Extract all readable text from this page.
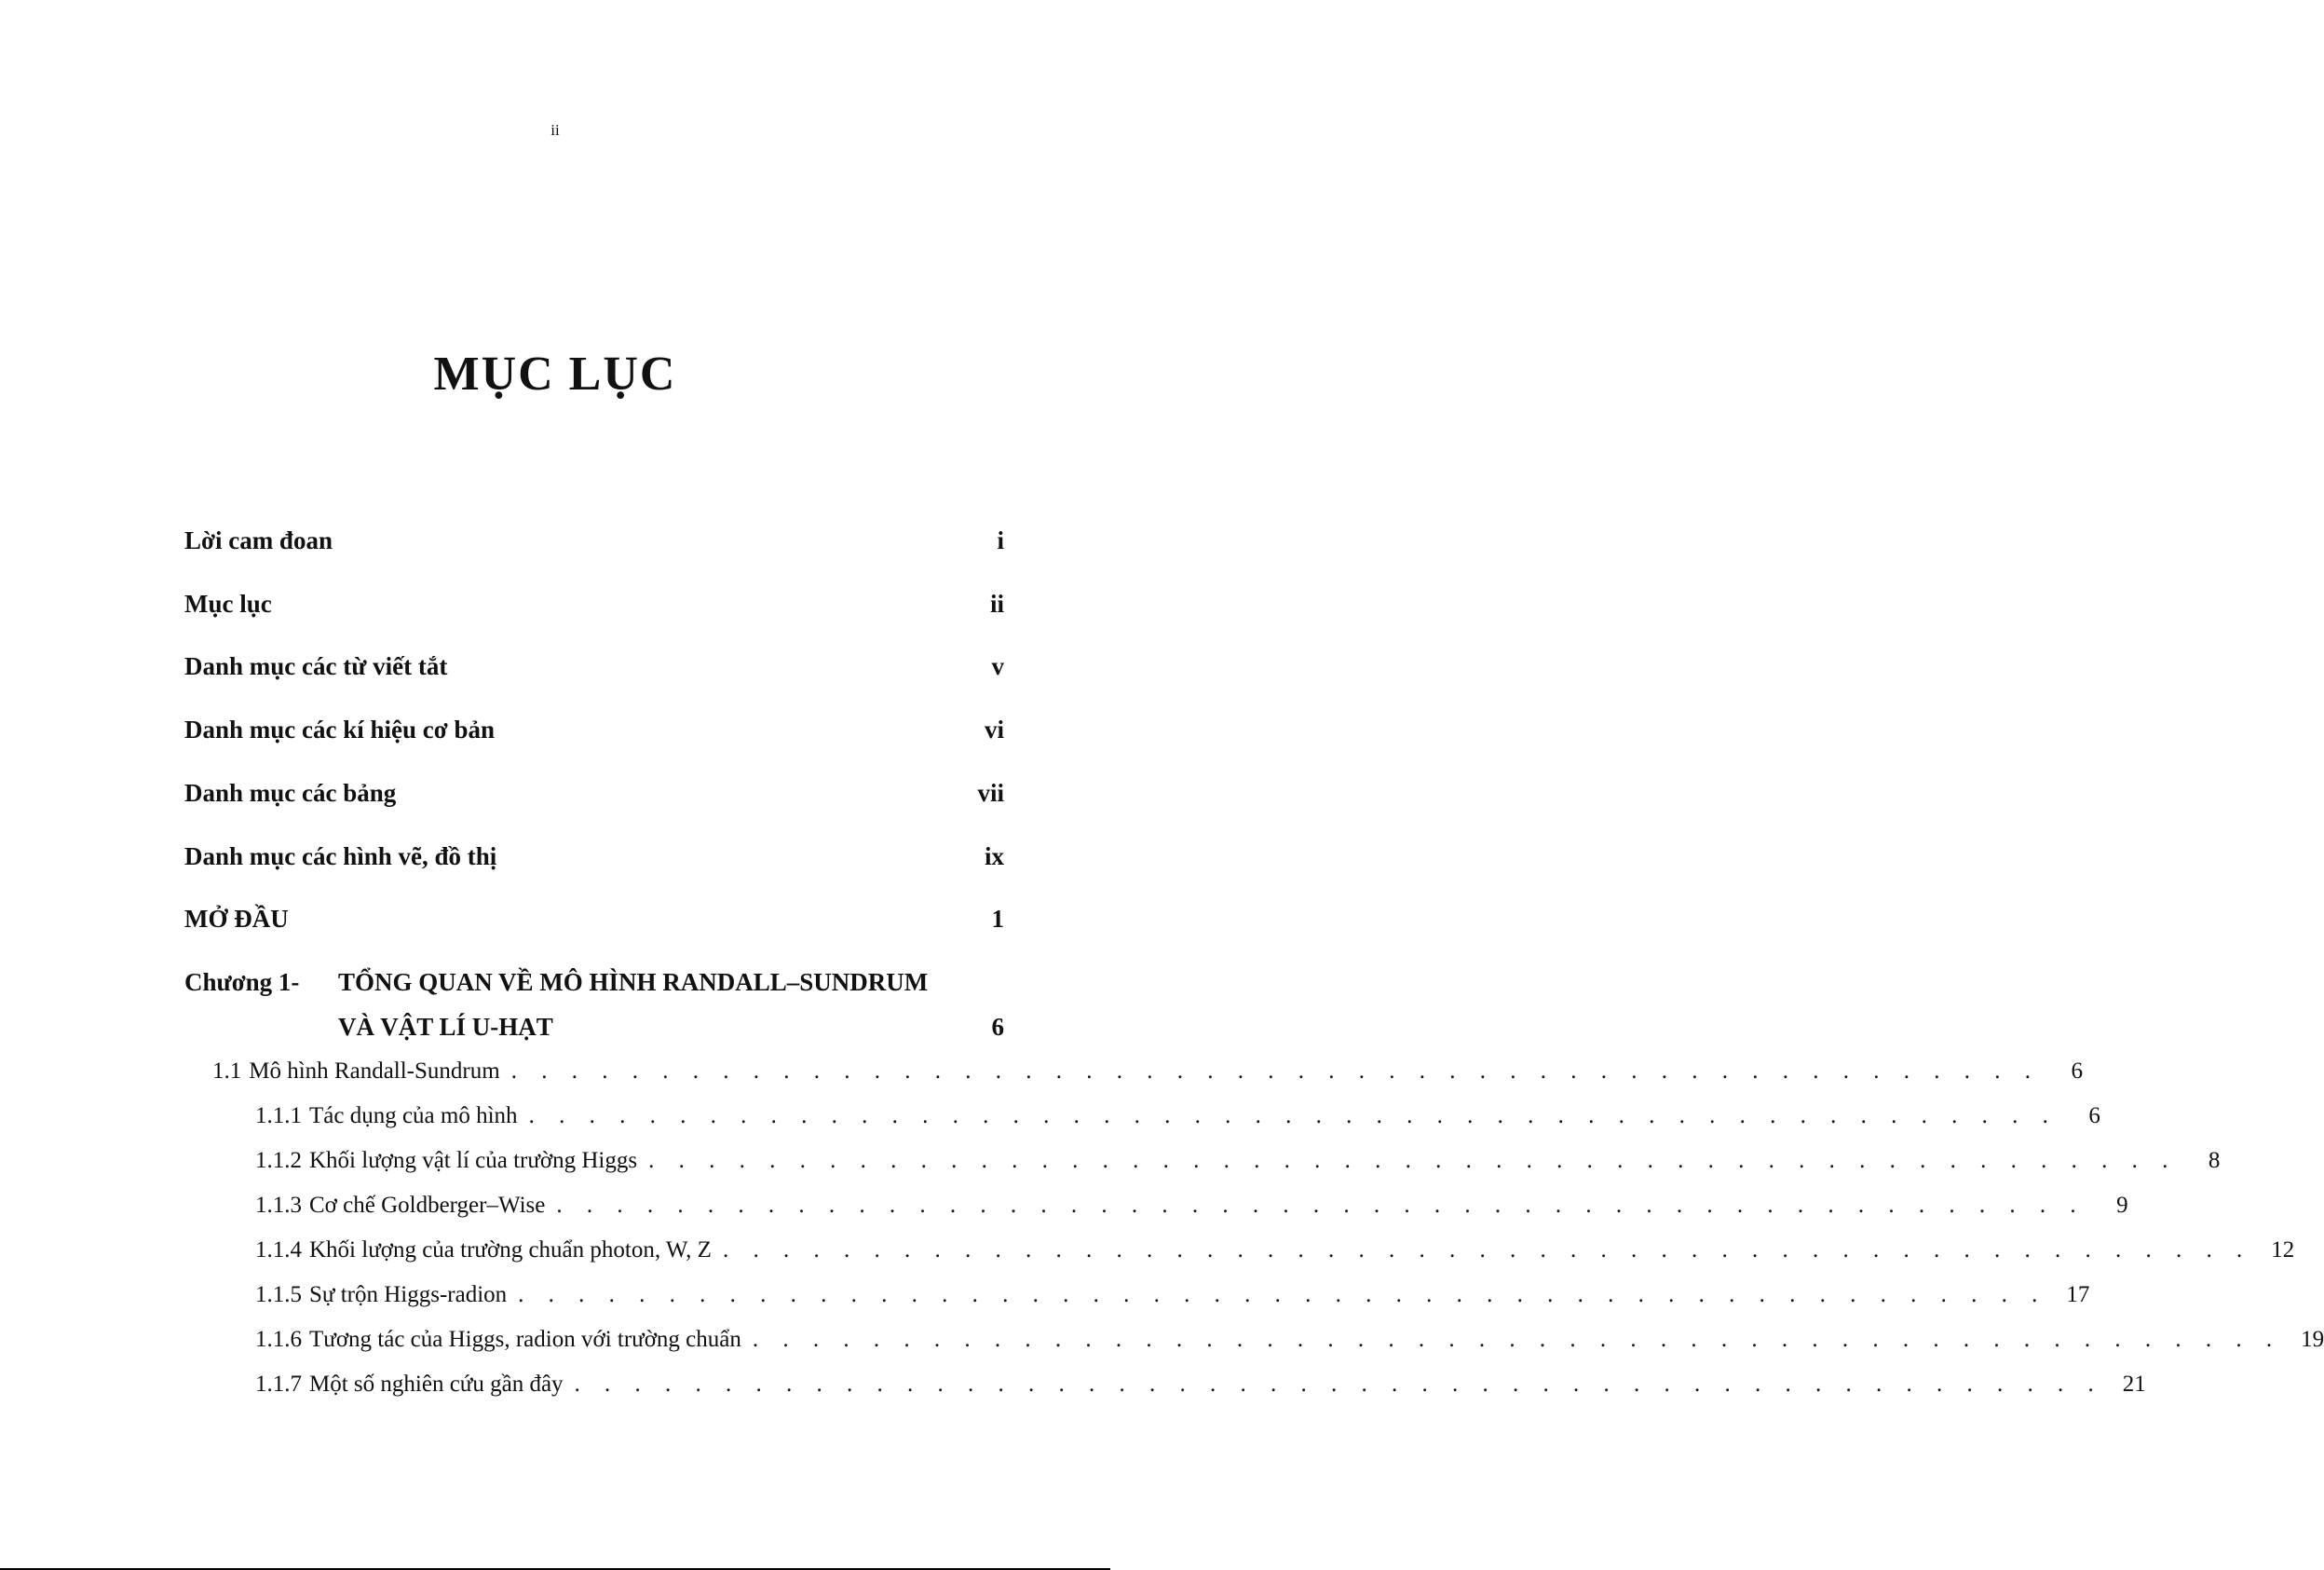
ii
MỤC LỤC
Lời cam đoan	i
Mục lục	ii
Danh mục các từ viết tắt	v
Danh mục các kí hiệu cơ bản	vi
Danh mục các bảng	vii
Danh mục các hình vẽ, đồ thị	ix
MỞ ĐẦU	1
Chương 1- TỔNG QUAN VỀ MÔ HÌNH RANDALL–SUNDRUM
VÀ VẬT LÍ U-HẠT	6
1.1 Mô hình Randall-Sundrum . . . . . . . . . . . . . . . . . . . . . . . . . . . . . . . . . . . . . . . . . . . . . . . . . . .	6
1.1.1 Tác dụng của mô hình . . . . . . . . . . . . . . . . . . . . . . . . . . . . . . . . . . . . . . . . . . . . . . . . . . .	6
1.1.2 Khối lượng vật lí của trường Higgs . . . . . . . . . . . . . . . . . . . . . . . . . . . . . . . . . . . . . . . . . . . . . . . . . . .	8
1.1.3 Cơ chế Goldberger–Wise . . . . . . . . . . . . . . . . . . . . . . . . . . . . . . . . . . . . . . . . . . . . . . . . . . .	9
1.1.4 Khối lượng của trường chuẩn photon, W, Z . . . . . . . . . . . . . . . . . . . . . . . . . . . . . . . . . . . . . . . . . . . . . . . . . . . 12
1.1.5 Sự trộn Higgs-radion . . . . . . . . . . . . . . . . . . . . . . . . . . . . . . . . . . . . . . . . . . . . . . . . . . . 17
1.1.6 Tương tác của Higgs, radion với trường chuẩn . . . . . . . . . . . . . . . . . . . . . . . . . . . . . . . . . . . . . . . . . . . . . . . . . . . 19
1.1.7 Một số nghiên cứu gần đây . . . . . . . . . . . . . . . . . . . . . . . . . . . . . . . . . . . . . . . . . . . . . . . . . . . 21
